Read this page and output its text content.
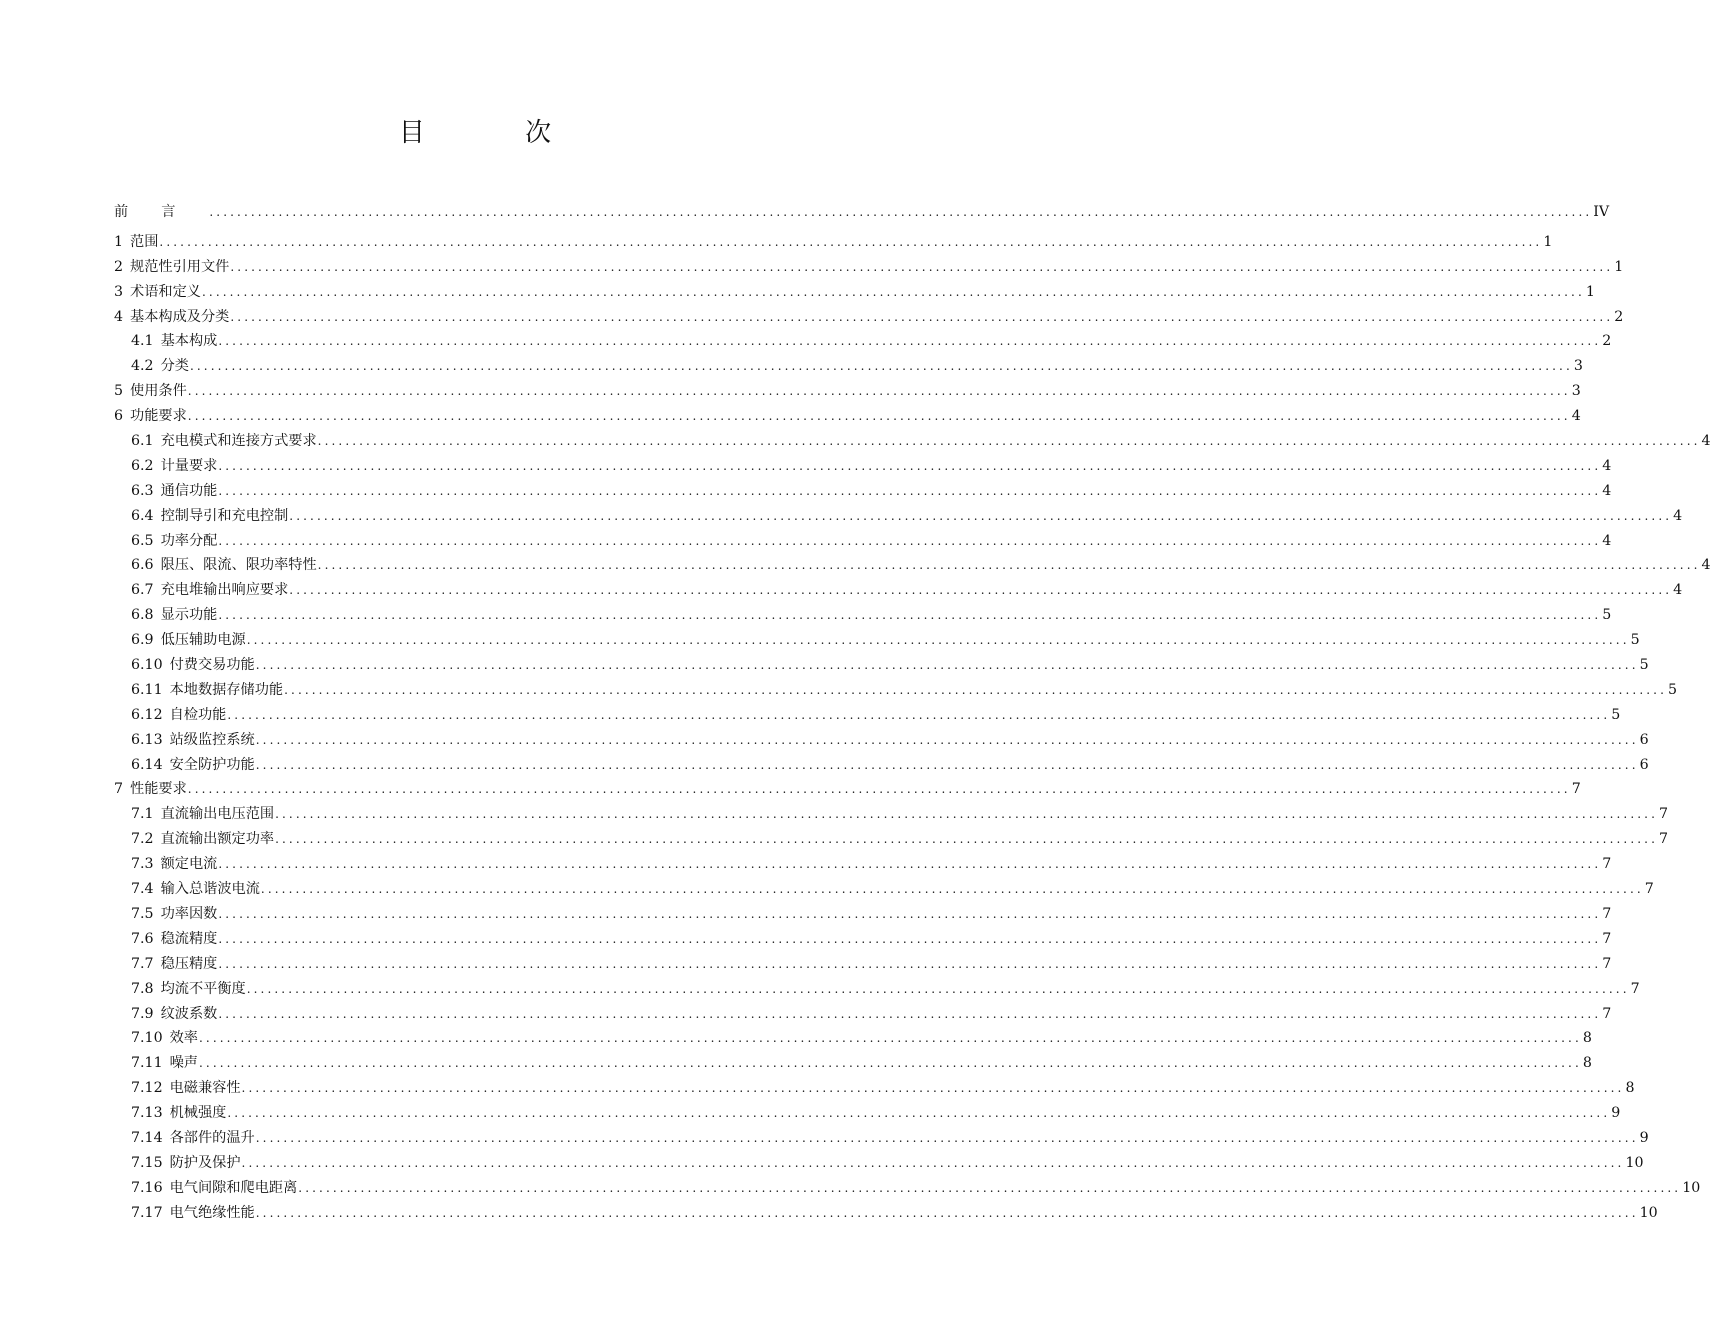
目 次
前言 ........................................................................................................................................................................................................ IV
1 范围 ........................................................................................................................................................................................................ 1
2 规范性引用文件 ........................................................................................................................................................................................................ 1
3 术语和定义 ........................................................................................................................................................................................................ 1
4 基本构成及分类 ........................................................................................................................................................................................................ 2
4.1 基本构成 ........................................................................................................................................................................................................ 2
4.2 分类 ........................................................................................................................................................................................................ 3
5 使用条件 ........................................................................................................................................................................................................ 3
6 功能要求 ........................................................................................................................................................................................................ 4
6.1 充电模式和连接方式要求 ........................................................................................................................................................................................................ 4
6.2 计量要求 ........................................................................................................................................................................................................ 4
6.3 通信功能 ........................................................................................................................................................................................................ 4
6.4 控制导引和充电控制 ........................................................................................................................................................................................................ 4
6.5 功率分配 ........................................................................................................................................................................................................ 4
6.6 限压、限流、限功率特性 ........................................................................................................................................................................................................ 4
6.7 充电堆输出响应要求 ........................................................................................................................................................................................................ 4
6.8 显示功能 ........................................................................................................................................................................................................ 5
6.9 低压辅助电源 ........................................................................................................................................................................................................ 5
6.10 付费交易功能 ........................................................................................................................................................................................................ 5
6.11 本地数据存储功能 ........................................................................................................................................................................................................ 5
6.12 自检功能 ........................................................................................................................................................................................................ 5
6.13 站级监控系统 ........................................................................................................................................................................................................ 6
6.14 安全防护功能 ........................................................................................................................................................................................................ 6
7 性能要求 ........................................................................................................................................................................................................ 7
7.1 直流输出电压范围 ........................................................................................................................................................................................................ 7
7.2 直流输出额定功率 ........................................................................................................................................................................................................ 7
7.3 额定电流 ........................................................................................................................................................................................................ 7
7.4 输入总谐波电流 ........................................................................................................................................................................................................ 7
7.5 功率因数 ........................................................................................................................................................................................................ 7
7.6 稳流精度 ........................................................................................................................................................................................................ 7
7.7 稳压精度 ........................................................................................................................................................................................................ 7
7.8 均流不平衡度 ........................................................................................................................................................................................................ 7
7.9 纹波系数 ........................................................................................................................................................................................................ 7
7.10 效率 ........................................................................................................................................................................................................ 8
7.11 噪声 ........................................................................................................................................................................................................ 8
7.12 电磁兼容性 ........................................................................................................................................................................................................ 8
7.13 机械强度 ........................................................................................................................................................................................................ 9
7.14 各部件的温升 ........................................................................................................................................................................................................ 9
7.15 防护及保护 ........................................................................................................................................................................................................ 10
7.16 电气间隙和爬电距离 ........................................................................................................................................................................................................ 10
7.17 电气绝缘性能 ........................................................................................................................................................................................................ 10
